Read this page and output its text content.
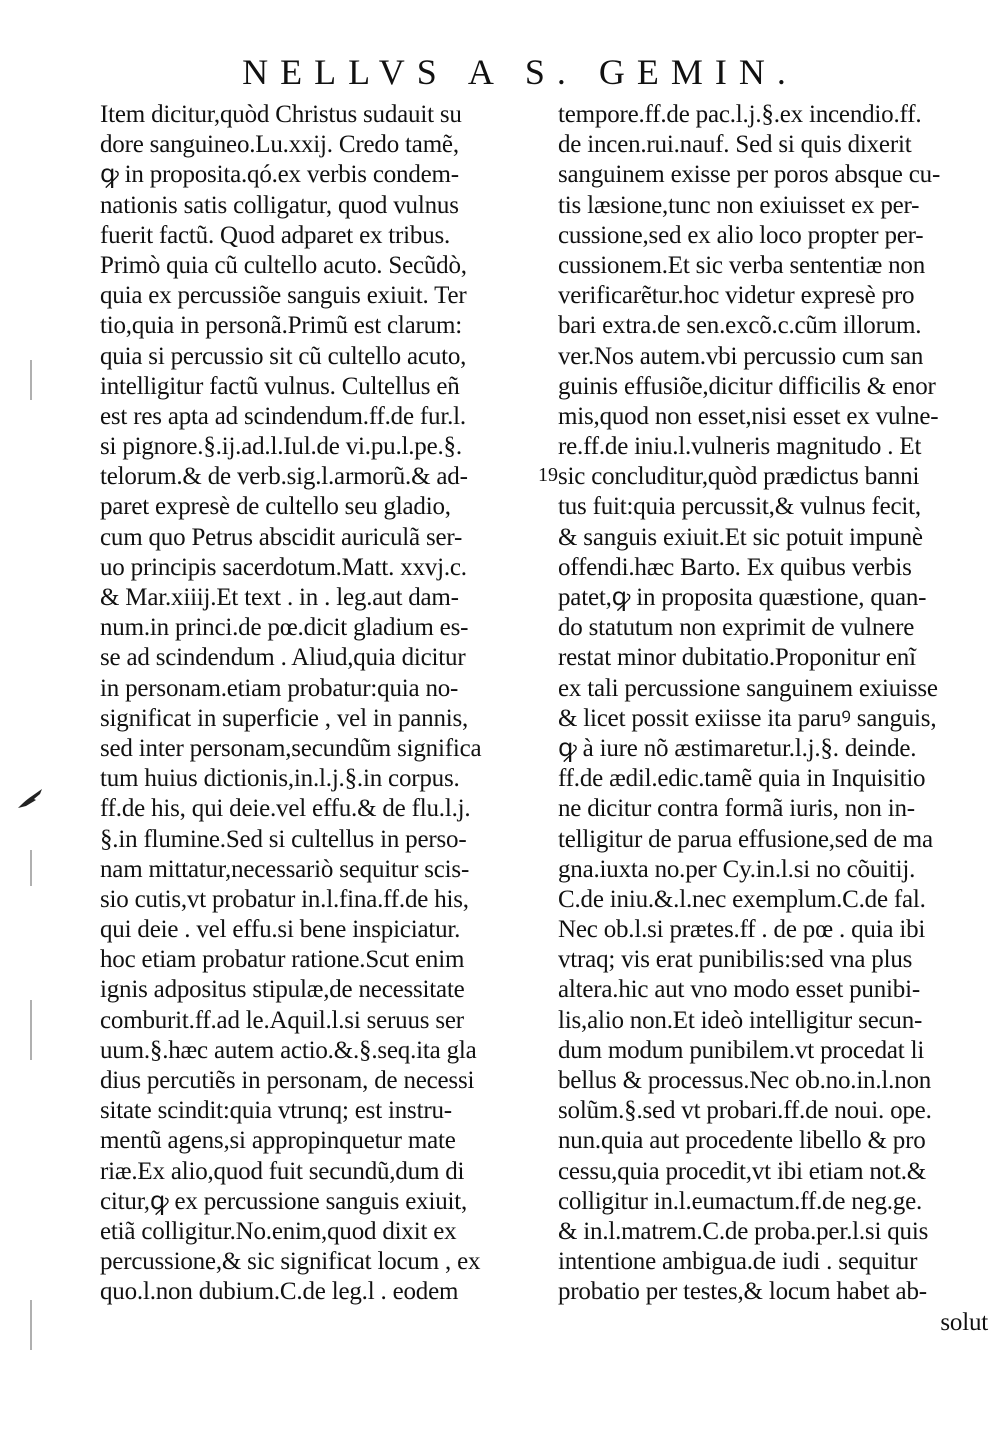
NELLVS A S. GEMIN.
Item dicitur,quòd Christus sudauit su
dore sanguineo.Lu.xxij. Credo tamẽ,
ꝙ in proposita.qó.ex verbis condem-
nationis satis colligatur, quod vulnus
fuerit factũ. Quod adparet ex tribus.
Primò quia cũ cultello acuto. Secũdò,
quia ex percussiõe sanguis exiuit. Ter
tio,quia in personã.Primũ est clarum:
quia si percussio sit cũ cultello acuto,
intelligitur factũ vulnus. Cultellus eñ
est res apta ad scindendum.ff.de fur.l.
si pignore.§.ij.ad.l.Iul.de vi.pu.l.pe.§.
telorum.& de verb.sig.l.armorũ.& ad-
paret expresè de cultello seu gladio,
cum quo Petrus abscidit auriculã ser-
uo principis sacerdotum.Matt. xxvj.c.
& Mar.xiiij.Et text . in . leg.aut dam-
num.in princi.de pœ.dicit gladium es-
se ad scindendum . Aliud,quia dicitur
in personam.etiam probatur:quia no-
significat in superficie , vel in pannis,
sed inter personam,secundũm significa
tum huius dictionis,in.l.j.§.in corpus.
ff.de his, qui deie.vel effu.& de flu.l.j.
§.in flumine.Sed si cultellus in perso-
nam mittatur,necessariò sequitur scis-
sio cutis,vt probatur in.l.fina.ff.de his,
qui deie . vel effu.si bene inspiciatur.
hoc etiam probatur ratione.Scut enim
ignis adpositus stipulæ,de necessitate
comburit.ff.ad le.Aquil.l.si seruus ser
uum.§.hæc autem actio.&.§.seq.ita gla
dius percutiẽs in personam, de necessi
sitate scindit:quia vtrunq; est instru-
mentũ agens,si appropinquetur mate
riæ.Ex alio,quod fuit secundũ,dum di
citur,ꝙ ex percussione sanguis exiuit,
etiã colligitur.No.enim,quod dixit ex
percussione,& sic significat locum , ex
quo.l.non dubium.C.de leg.l . eodem
tempore.ff.de pac.l.j.§.ex incendio.ff.
de incen.rui.nauf. Sed si quis dixerit
sanguinem exisse per poros absque cu-
tis læsione,tunc non exiuisset ex per-
cussione,sed ex alio loco propter per-
cussionem.Et sic verba sententiæ non
verificarẽtur.hoc videtur expresè pro
bari extra.de sen.excõ.c.cũm illorum.
ver.Nos autem.vbi percussio cum san
guinis effusiõe,dicitur difficilis & enor
mis,quod non esset,nisi esset ex vulne-
re.ff.de iniu.l.vulneris magnitudo . Et
sic concluditur,quòd prædictus banni
tus fuit:quia percussit,& vulnus fecit,
& sanguis exiuit.Et sic potuit impunè
offendi.hæc Barto. Ex quibus verbis
patet,ꝙ in proposita quæstione, quan-
do statutum non exprimit de vulnere
restat minor dubitatio.Proponitur enĩ
ex tali percussione sanguinem exiuisse
& licet possit exiisse ita paruꝰ sanguis,
ꝙ à iure nõ æstimaretur.l.j.§. deinde.
ff.de ædil.edic.tamẽ quia in Inquisitio
ne dicitur contra formã iuris, non in-
telligitur de parua effusione,sed de ma
gna.iuxta no.per Cy.in.l.si no cõuitij.
C.de iniu.&.l.nec exemplum.C.de fal.
Nec ob.l.si prætes.ff . de pœ . quia ibi
vtraq; vis erat punibilis:sed vna plus
altera.hic aut vno modo esset punibi-
lis,alio non.Et ideò intelligitur secun-
dum modum punibilem.vt procedat li
bellus & processus.Nec ob.no.in.l.non
solũm.§.sed vt probari.ff.de noui. ope.
nun.quia aut procedente libello & pro
cessu,quia procedit,vt ibi etiam not.&
colligitur in.l.eumactum.ff.de neg.ge.
& in.l.matrem.C.de proba.per.l.si quis
intentione ambigua.de iudi . sequitur
probatio per testes,& locum habet ab-
solut
19
